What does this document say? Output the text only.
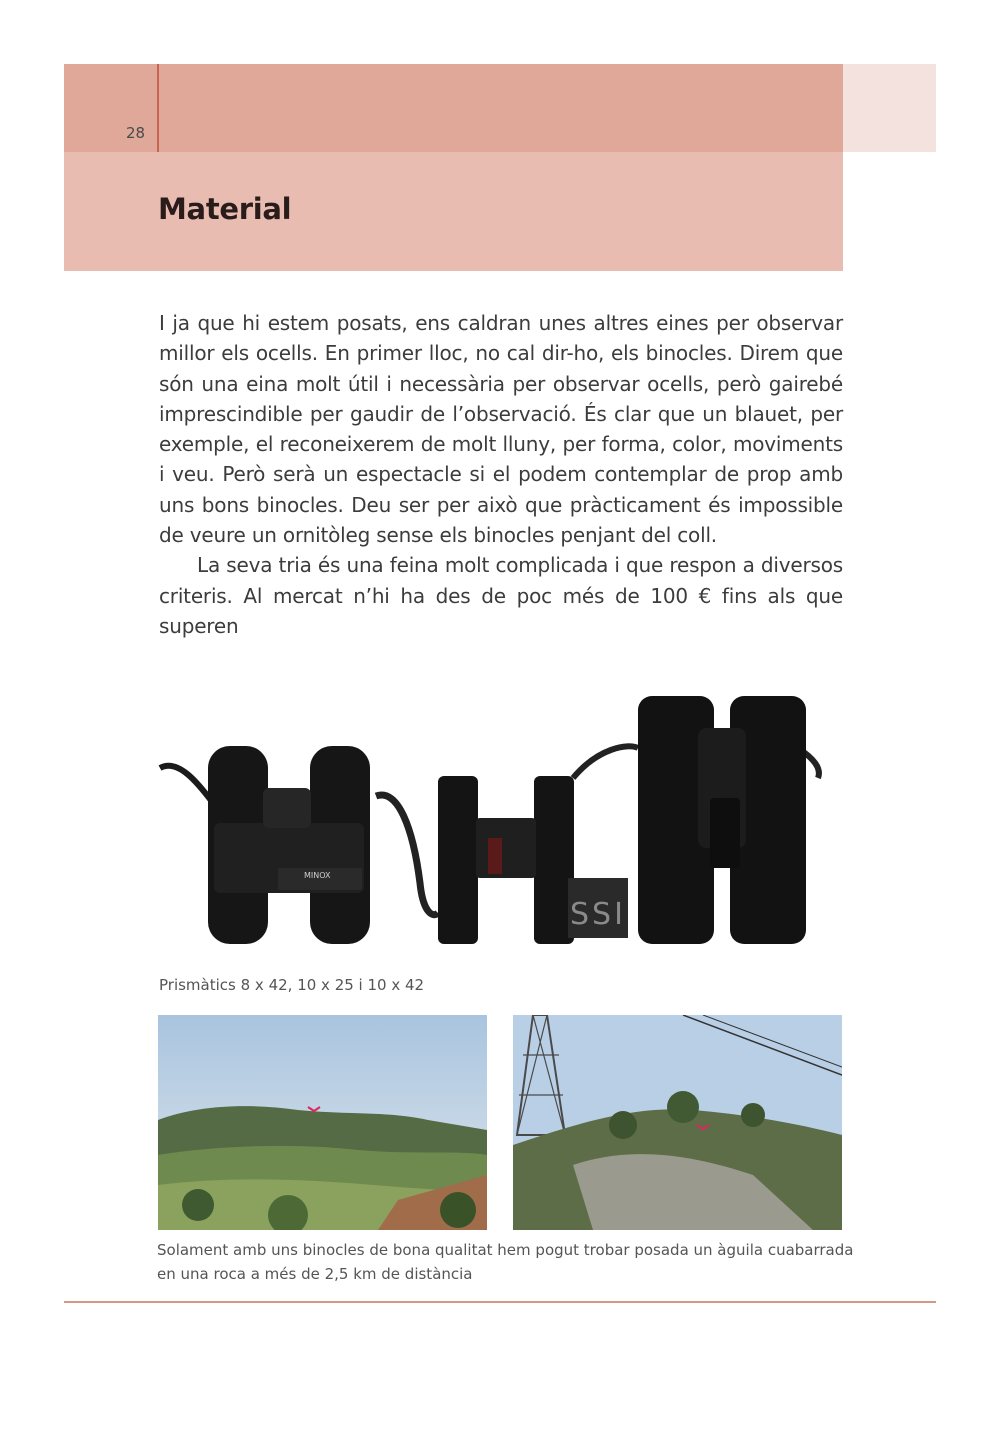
28
Material

I ja que hi estem posats, ens caldran unes altres eines per observar millor els ocells. En primer lloc, no cal dir-ho, els binocles. Direm que són una eina molt útil i necessària per observar ocells, però gairebé imprescindible per gaudir de l’observació. És clar que un blauet, per exemple, el reconeixerem de molt lluny, per forma, color, moviments i veu. Però serà un espectacle si el podem contemplar de prop amb uns bons binocles. Deu ser per això que pràcticament és impossible de veure un ornitòleg sense els binocles penjant del coll.

La seva tria és una feina molt complicada i que respon a diversos criteris. Al mercat n’hi ha des de poc més de 100 € fins als que superen

MINOX
SSI
Prismàtics 8 x 42, 10 x 25 i 10 x 42
Solament amb uns binocles de bona qualitat hem pogut trobar posada un àguila cuabarrada en una roca a més de 2,5 km de distància
